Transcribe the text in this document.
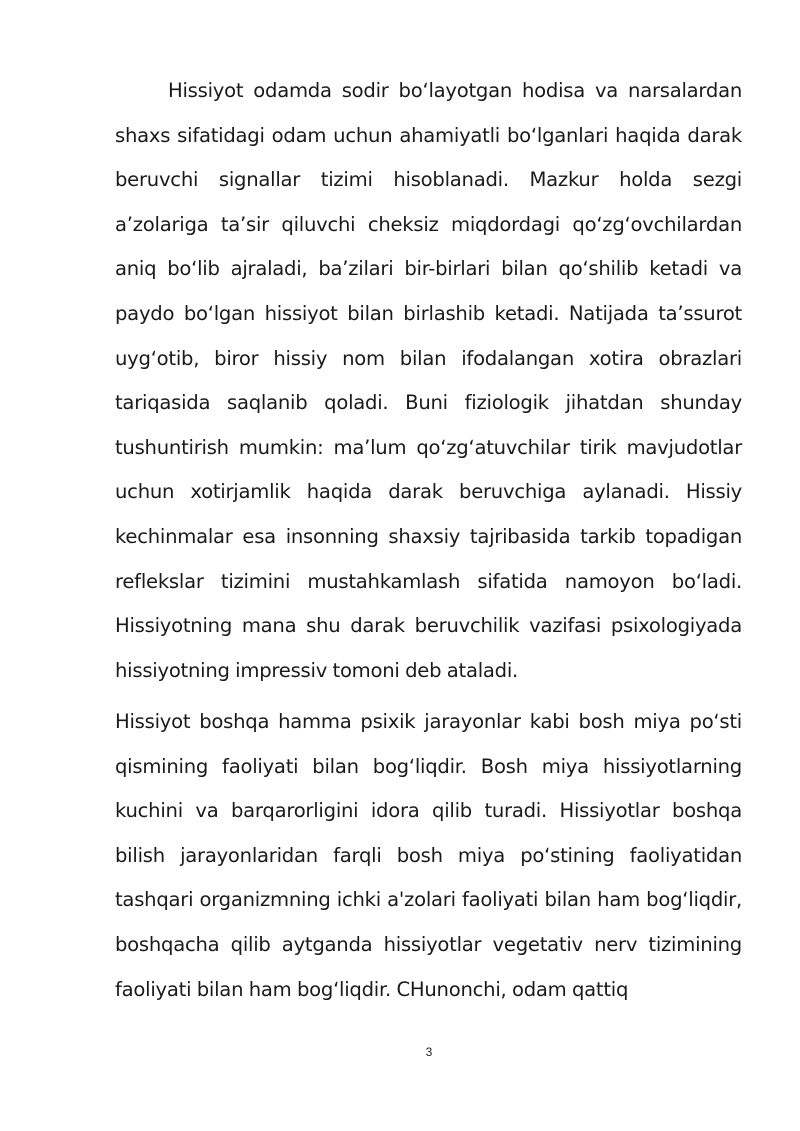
Hissiyot odamda sodir boʻlayotgan hodisa va narsalardan shaxs sifatidagi odam uchun ahamiyatli boʻlganlari haqida darak beruvchi signallar tizimi hisoblanadi. Mazkur holda sezgi a’zolariga ta’sir qiluvchi cheksiz miqdordagi qoʻzgʻovchilardan aniq boʻlib ajraladi, ba’zilari bir-birlari bilan qoʻshilib ketadi va paydo boʻlgan hissiyot bilan birlashib ketadi. Natijada ta’ssurot uygʻotib, biror hissiy nom bilan ifodalangan xotira obrazlari tariqasida saqlanib qoladi. Buni fiziologik jihatdan shunday tushuntirish mumkin: ma’lum qoʻzgʻatuvchilar tirik mavjudotlar uchun xotirjamlik haqida darak beruvchiga aylanadi. Hissiy kechinmalar esa insonning shaxsiy tajribasida tarkib topadigan reflekslar tizimini mustahkamlash sifatida namoyon boʻladi. Hissiyotning mana shu darak beruvchilik vazifasi psixologiyada hissiyotning impressiv tomoni deb ataladi.

Hissiyot boshqa hamma psixik jarayonlar kabi bosh miya poʻsti qismining faoliyati bilan bogʻliqdir. Bosh miya hissiyotlarning kuchini va barqarorligini idora qilib turadi. Hissiyotlar boshqa bilish jarayonlaridan farqli bosh miya poʻstining faoliyatidan tashqari organizmning ichki a'zolari faoliyati bilan ham bogʻliqdir, boshqacha qilib aytganda hissiyotlar vegetativ nerv tizimining faoliyati bilan ham bogʻliqdir. CHunonchi, odam qattiq

3
